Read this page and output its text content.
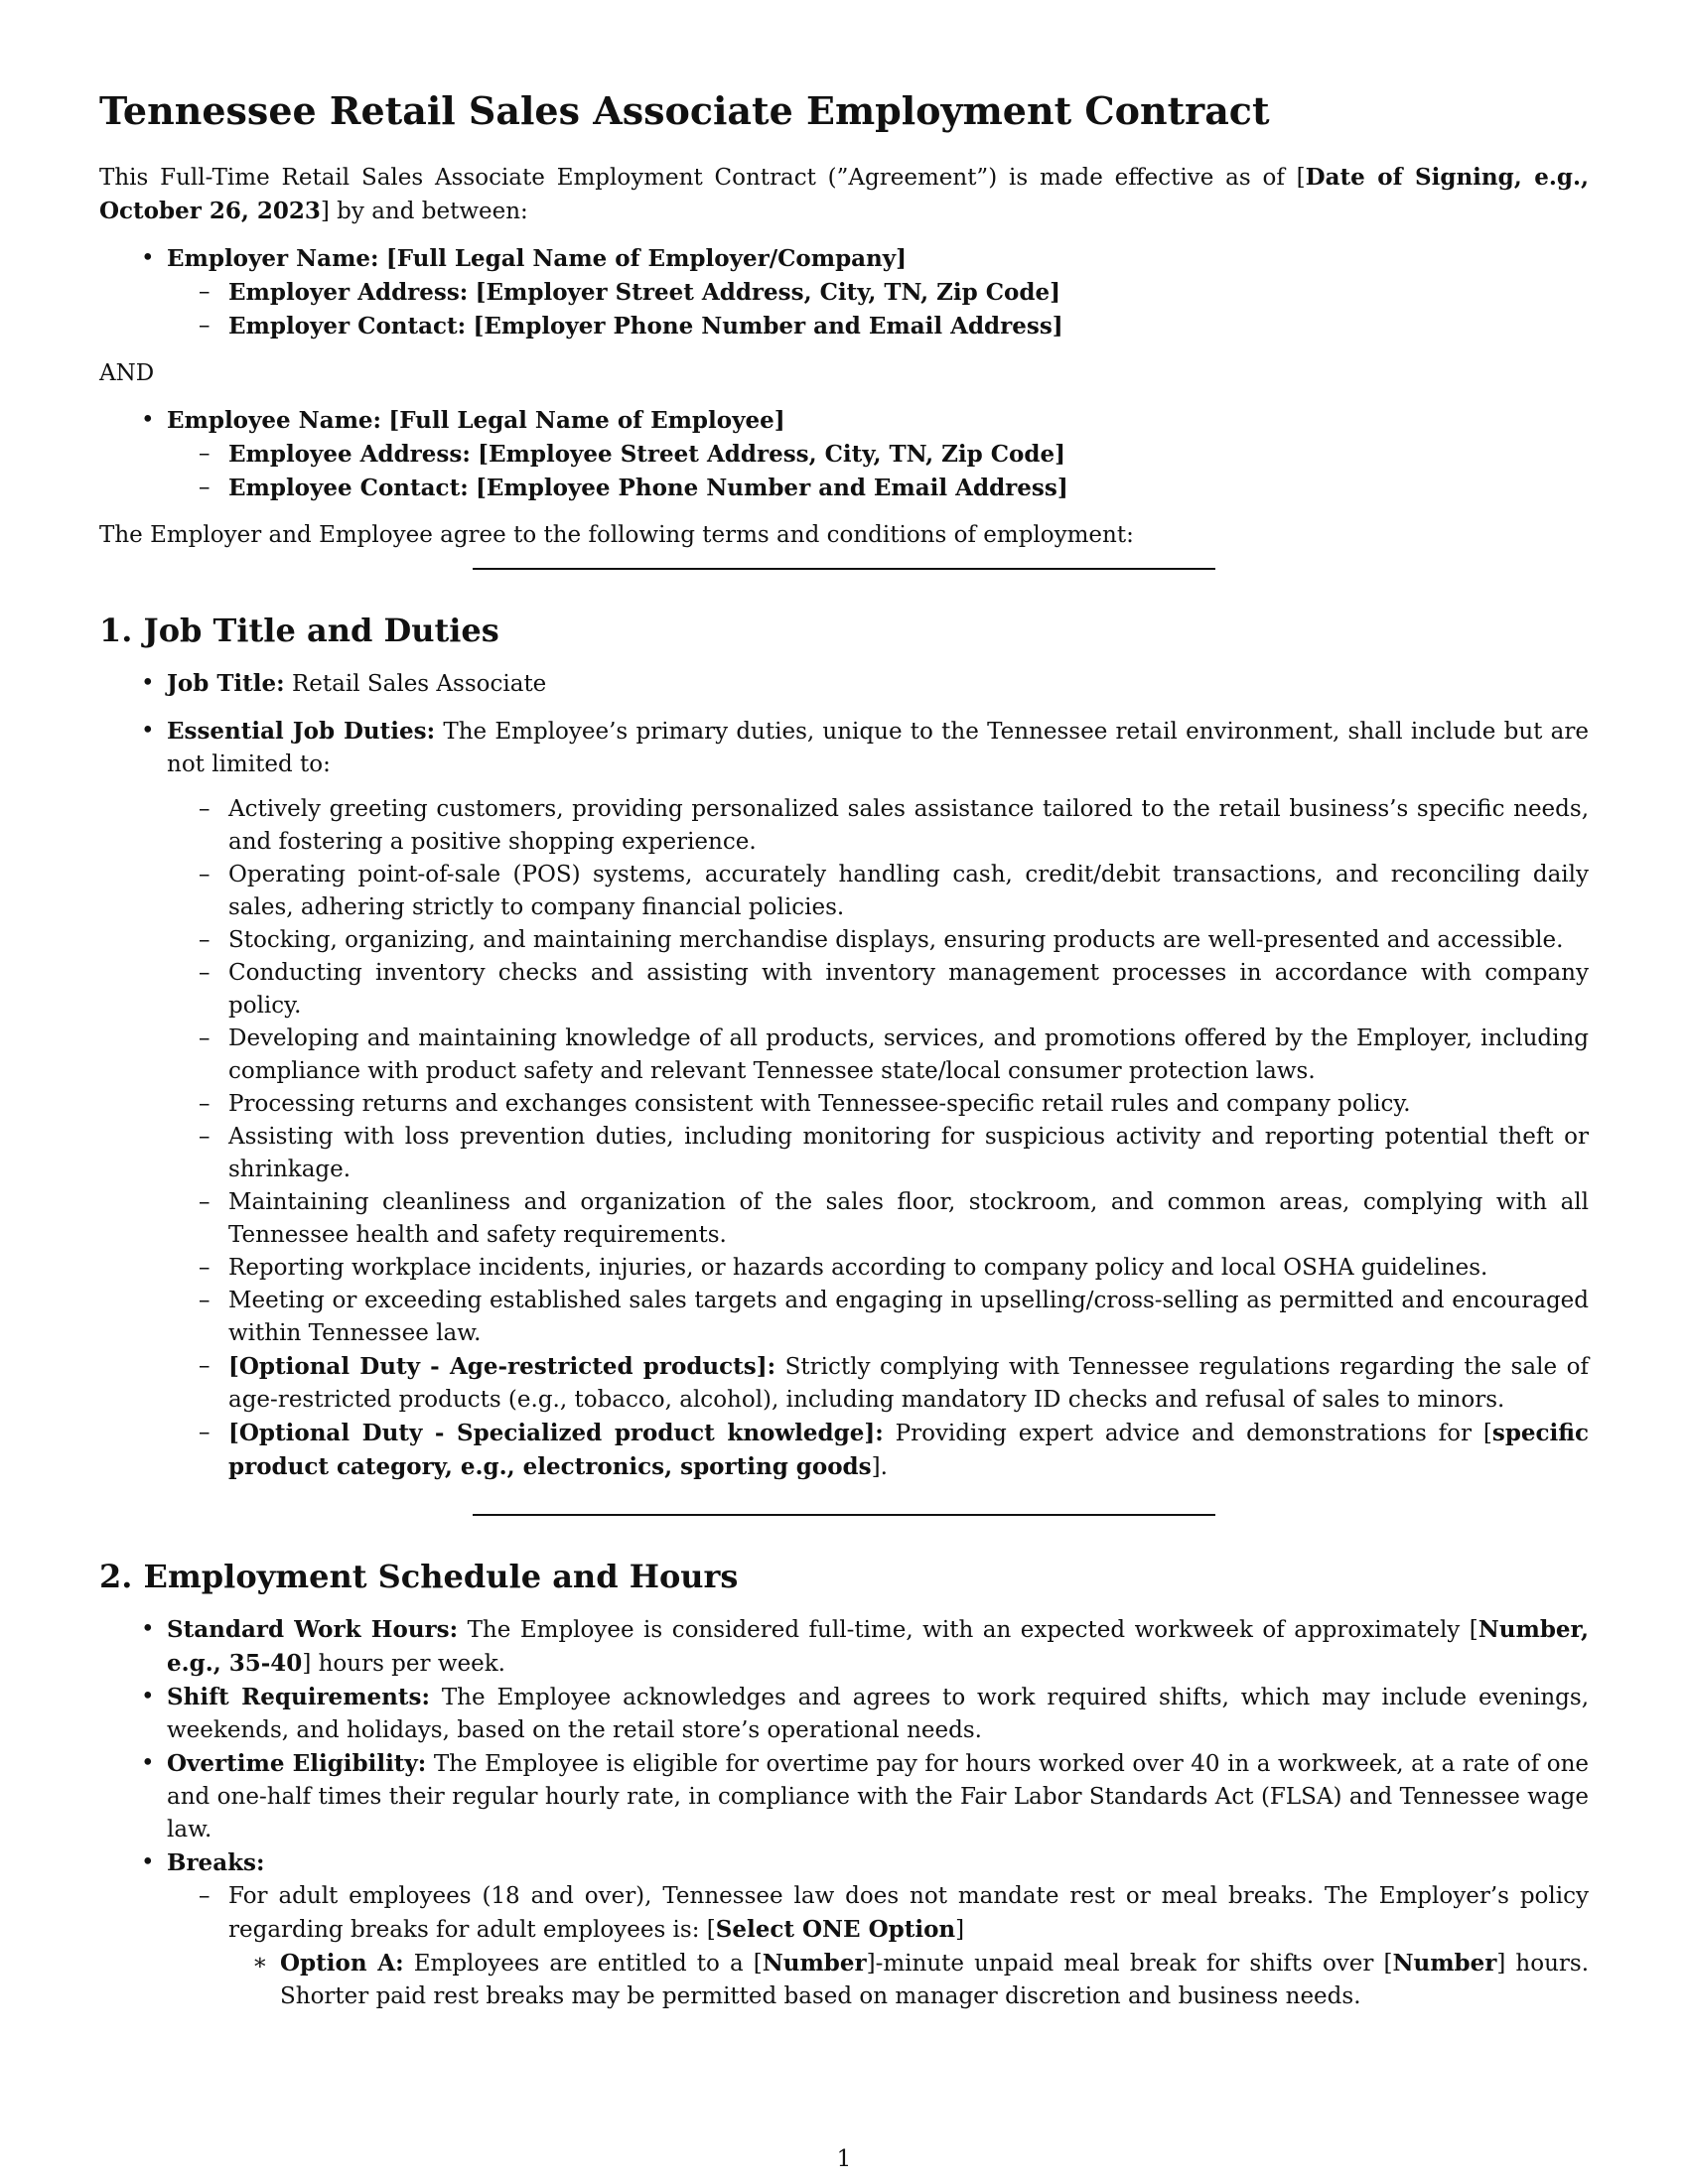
Tennessee Retail Sales Associate Employment Contract

This Full-Time Retail Sales Associate Employment Contract (”Agreement”) is made effective as of [Date of Signing, e.g., October 26, 2023] by and between:

• Employer Name: [Full Legal Name of Employer/Company]
– Employer Address: [Employer Street Address, City, TN, Zip Code]
– Employer Contact: [Employer Phone Number and Email Address]

AND

• Employee Name: [Full Legal Name of Employee]
– Employee Address: [Employee Street Address, City, TN, Zip Code]
– Employee Contact: [Employee Phone Number and Email Address]

The Employer and Employee agree to the following terms and conditions of employment:

1. Job Title and Duties
• Job Title: Retail Sales Associate
• Essential Job Duties: The Employee’s primary duties, unique to the Tennessee retail environment, shall include but are not limited to:
– Actively greeting customers, providing personalized sales assistance tailored to the retail business’s specific needs, and fostering a positive shopping experience.
– Operating point-of-sale (POS) systems, accurately handling cash, credit/debit transactions, and reconciling daily sales, adhering strictly to company financial policies.
– Stocking, organizing, and maintaining merchandise displays, ensuring products are well-presented and accessible.
– Conducting inventory checks and assisting with inventory management processes in accordance with company policy.
– Developing and maintaining knowledge of all products, services, and promotions offered by the Employer, including compliance with product safety and relevant Tennessee state/local consumer protection laws.
– Processing returns and exchanges consistent with Tennessee-specific retail rules and company policy.
– Assisting with loss prevention duties, including monitoring for suspicious activity and reporting potential theft or shrinkage.
– Maintaining cleanliness and organization of the sales floor, stockroom, and common areas, complying with all Tennessee health and safety requirements.
– Reporting workplace incidents, injuries, or hazards according to company policy and local OSHA guidelines.
– Meeting or exceeding established sales targets and engaging in upselling/cross-selling as permitted and encouraged within Tennessee law.
– [Optional Duty - Age-restricted products]: Strictly complying with Tennessee regulations regarding the sale of age-restricted products (e.g., tobacco, alcohol), including mandatory ID checks and refusal of sales to minors.
– [Optional Duty - Specialized product knowledge]: Providing expert advice and demonstrations for [specific product category, e.g., electronics, sporting goods].
2. Employment Schedule and Hours
• Standard Work Hours: The Employee is considered full-time, with an expected workweek of approximately [Number, e.g., 35-40] hours per week.
• Shift Requirements: The Employee acknowledges and agrees to work required shifts, which may include evenings, weekends, and holidays, based on the retail store’s operational needs.
• Overtime Eligibility: The Employee is eligible for overtime pay for hours worked over 40 in a workweek, at a rate of one and one-half times their regular hourly rate, in compliance with the Fair Labor Standards Act (FLSA) and Tennessee wage law.
• Breaks:
– For adult employees (18 and over), Tennessee law does not mandate rest or meal breaks. The Employer’s policy regarding breaks for adult employees is: [Select ONE Option]
∗ Option A: Employees are entitled to a [Number]-minute unpaid meal break for shifts over [Number] hours. Shorter paid rest breaks may be permitted based on manager discretion and business needs.
1
